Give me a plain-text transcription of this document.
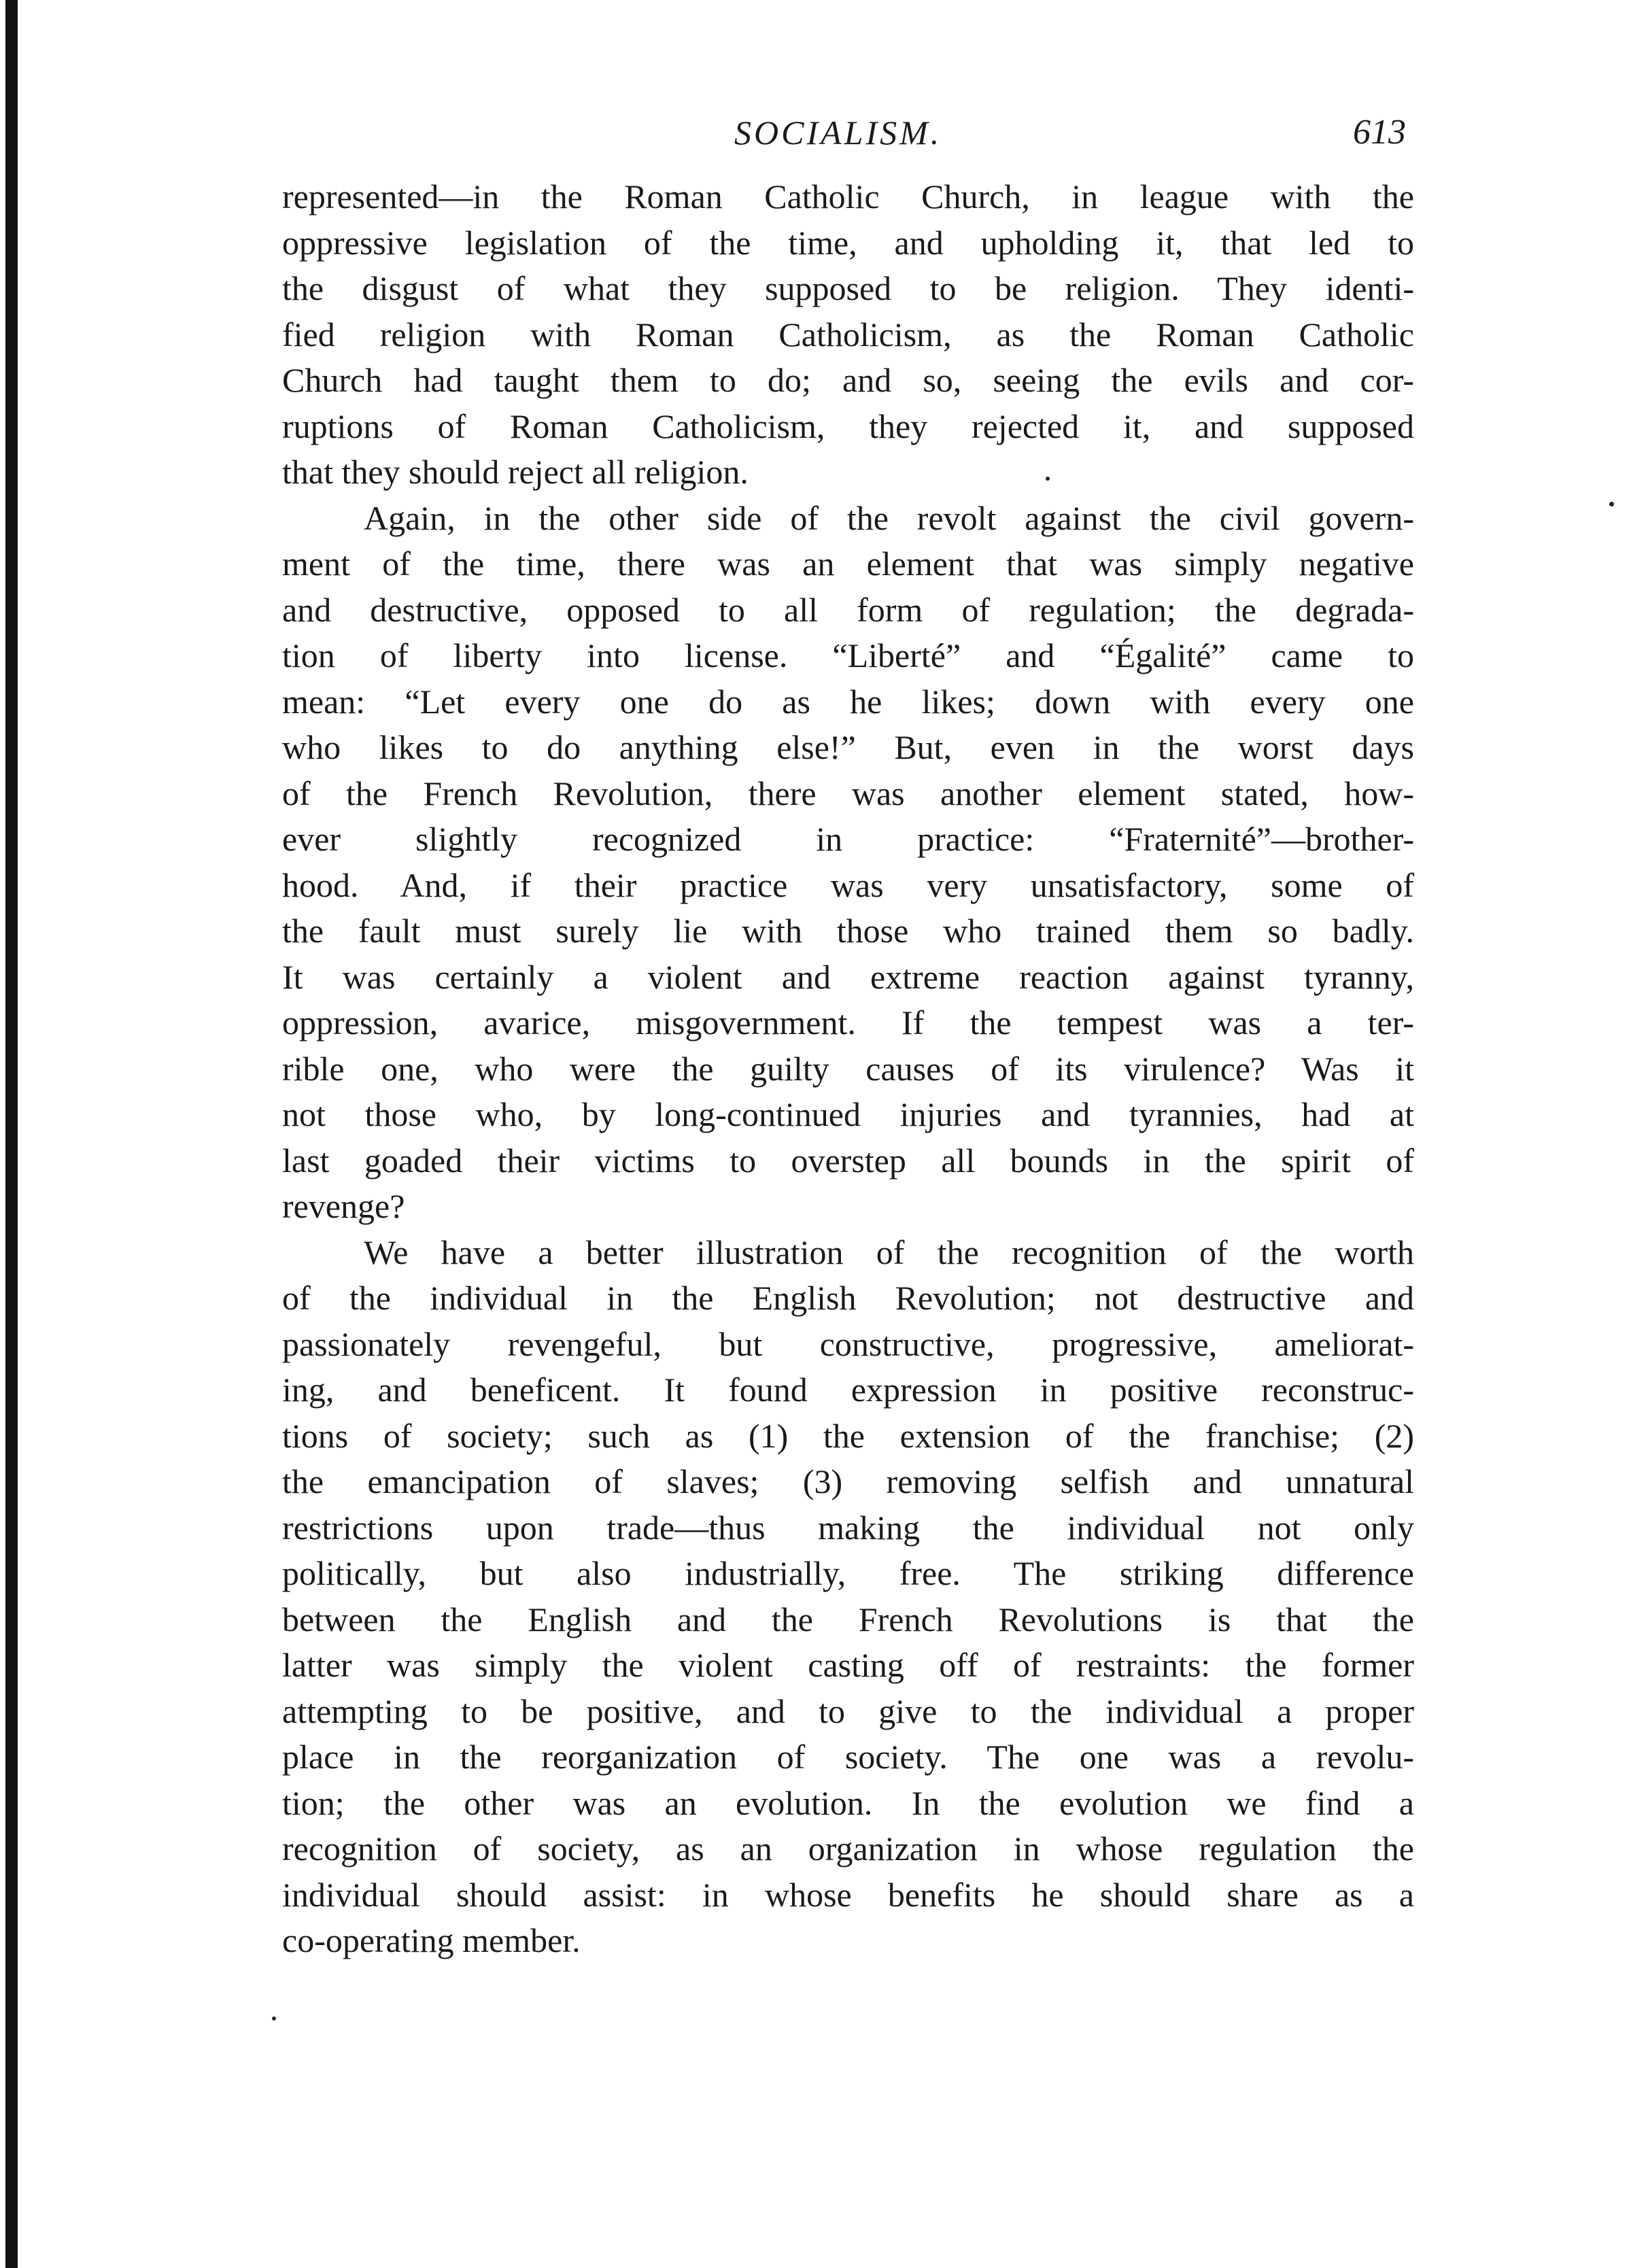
SOCIALISM.	613
represented—in the Roman Catholic Church, in league with the
oppressive legislation of the time, and upholding it, that led to
the disgust of what they supposed to be religion. They identi-
fied religion with Roman Catholicism, as the Roman Catholic
Church had taught them to do; and so, seeing the evils and cor-
ruptions of Roman Catholicism, they rejected it, and supposed
that they should reject all religion.
Again, in the other side of the revolt against the civil govern-
ment of the time, there was an element that was simply negative
and destructive, opposed to all form of regulation; the degrada-
tion of liberty into license. “Liberté” and “Égalité” came to
mean: “Let every one do as he likes; down with every one
who likes to do anything else!” But, even in the worst days
of the French Revolution, there was another element stated, how-
ever slightly recognized in practice: “Fraternité”—brother-
hood. And, if their practice was very unsatisfactory, some of
the fault must surely lie with those who trained them so badly.
It was certainly a violent and extreme reaction against tyranny,
oppression, avarice, misgovernment. If the tempest was a ter-
rible one, who were the guilty causes of its virulence? Was it
not those who, by long-continued injuries and tyrannies, had at
last goaded their victims to overstep all bounds in the spirit of
revenge?
We have a better illustration of the recognition of the worth
of the individual in the English Revolution; not destructive and
passionately revengeful, but constructive, progressive, ameliorat-
ing, and beneficent. It found expression in positive reconstruc-
tions of society; such as (1) the extension of the franchise; (2)
the emancipation of slaves; (3) removing selfish and unnatural
restrictions upon trade—thus making the individual not only
politically, but also industrially, free. The striking difference
between the English and the French Revolutions is that the
latter was simply the violent casting off of restraints: the former
attempting to be positive, and to give to the individual a proper
place in the reorganization of society. The one was a revolu-
tion; the other was an evolution. In the evolution we find a
recognition of society, as an organization in whose regulation the
individual should assist: in whose benefits he should share as a
co-operating member.
